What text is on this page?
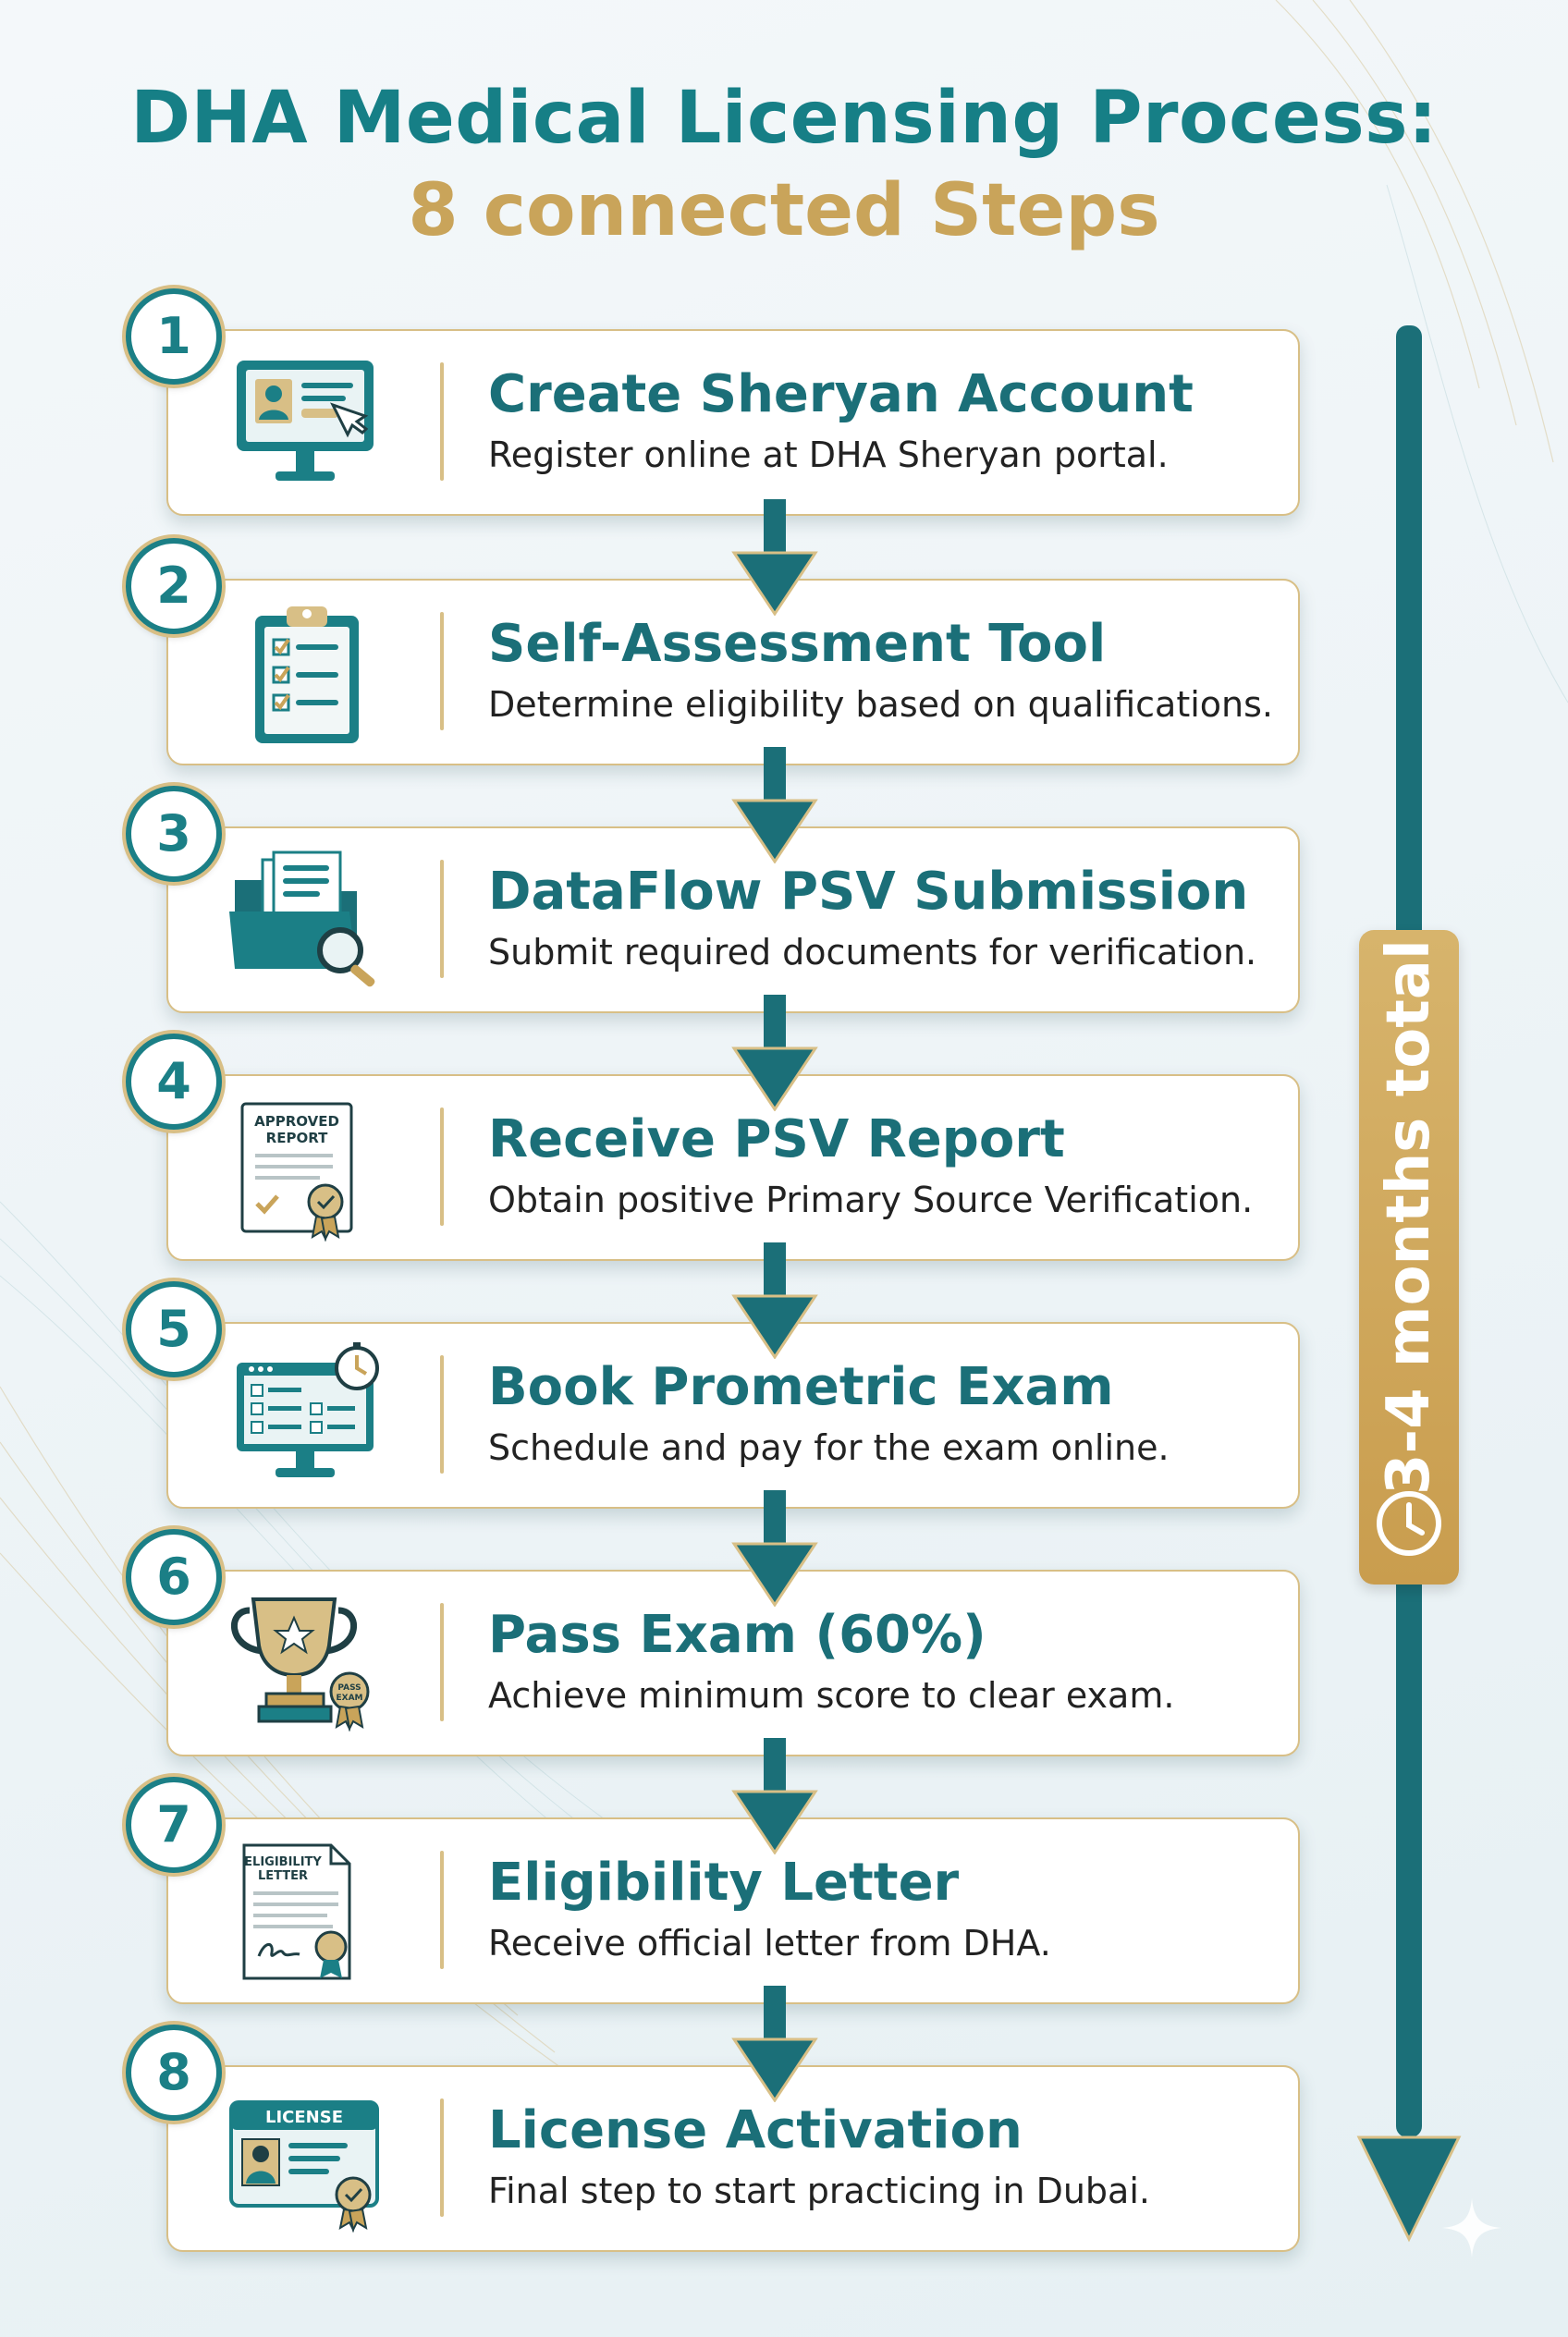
DHA Medical Licensing Process:
8 connected Steps
1
Create Sheryan Account
Register online at DHA Sheryan portal.
2
Self-Assessment Tool
Determine eligibility based on qualifications.
3
DataFlow PSV Submission
Submit required documents for verification.
4
APPROVED
REPORT	Receive PSV Report
Obtain positive Primary Source Verification.
5
Book Prometric Exam
Schedule and pay for the exam online.
6
PASS
EXAM
Pass Exam (60%)
Achieve minimum score to clear exam.
7
ELIGIBILITY
LETTER	Eligibility Letter
Receive official letter from DHA.
8
LICENSE	License Activation
Final step to start practicing in Dubai.
3-4 months total
